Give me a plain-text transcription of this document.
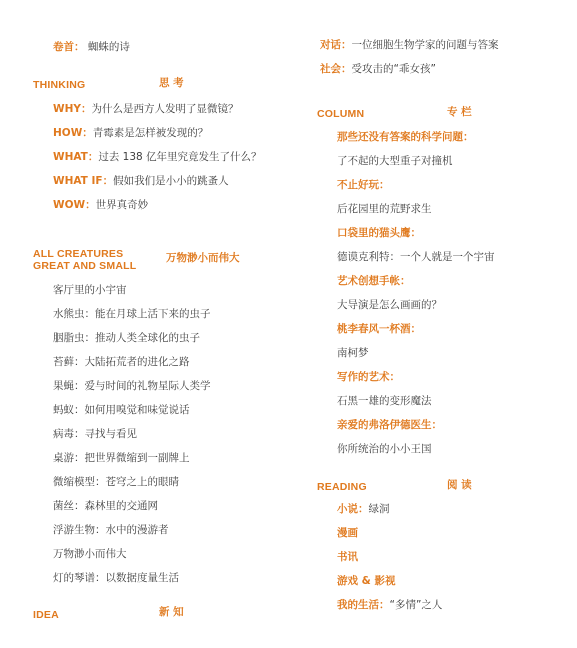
卷首： 蜘蛛的诗
THINKING	思 考
WHY：为什么是西方人发明了显微镜？
HOW：青霉素是怎样被发现的？
WHAT：过去 138 亿年里究竟发生了什么？
WHAT IF：假如我们是小小的跳蚤人
WOW：世界真奇妙
ALL CREATURES
GREAT AND SMALL
万物渺小而伟大
客厅里的小宇宙
水熊虫：能在月球上活下来的虫子
胭脂虫：推动人类全球化的虫子
苔藓：大陆拓荒者的进化之路
果蝇：爱与时间的礼物星际人类学
蚂蚁：如何用嗅觉和味觉说话
病毒：寻找与看见
桌游：把世界微缩到一副牌上
微缩模型：苍穹之上的眼睛
菌丝：森林里的交通网
浮游生物：水中的漫游者
万物渺小而伟大
灯的琴谱：以数据度量生活
IDEA	新 知
对话：一位细胞生物学家的问题与答案
社会：受攻击的“乖女孩”
COLUMN	专 栏
那些还没有答案的科学问题：
了不起的大型重子对撞机
不止好玩：
后花园里的荒野求生
口袋里的猫头鹰：
德谟克利特：一个人就是一个宇宙
艺术创想手帐：
大导演是怎么画画的？
桃李春风一杯酒：
南柯梦
写作的艺术：
石黑一雄的变形魔法
亲爱的弗洛伊德医生：
你所统治的小小王国
READING	阅 读
小说：绿洞
漫画
书讯
游戏 & 影视
我的生活：“多情”之人
